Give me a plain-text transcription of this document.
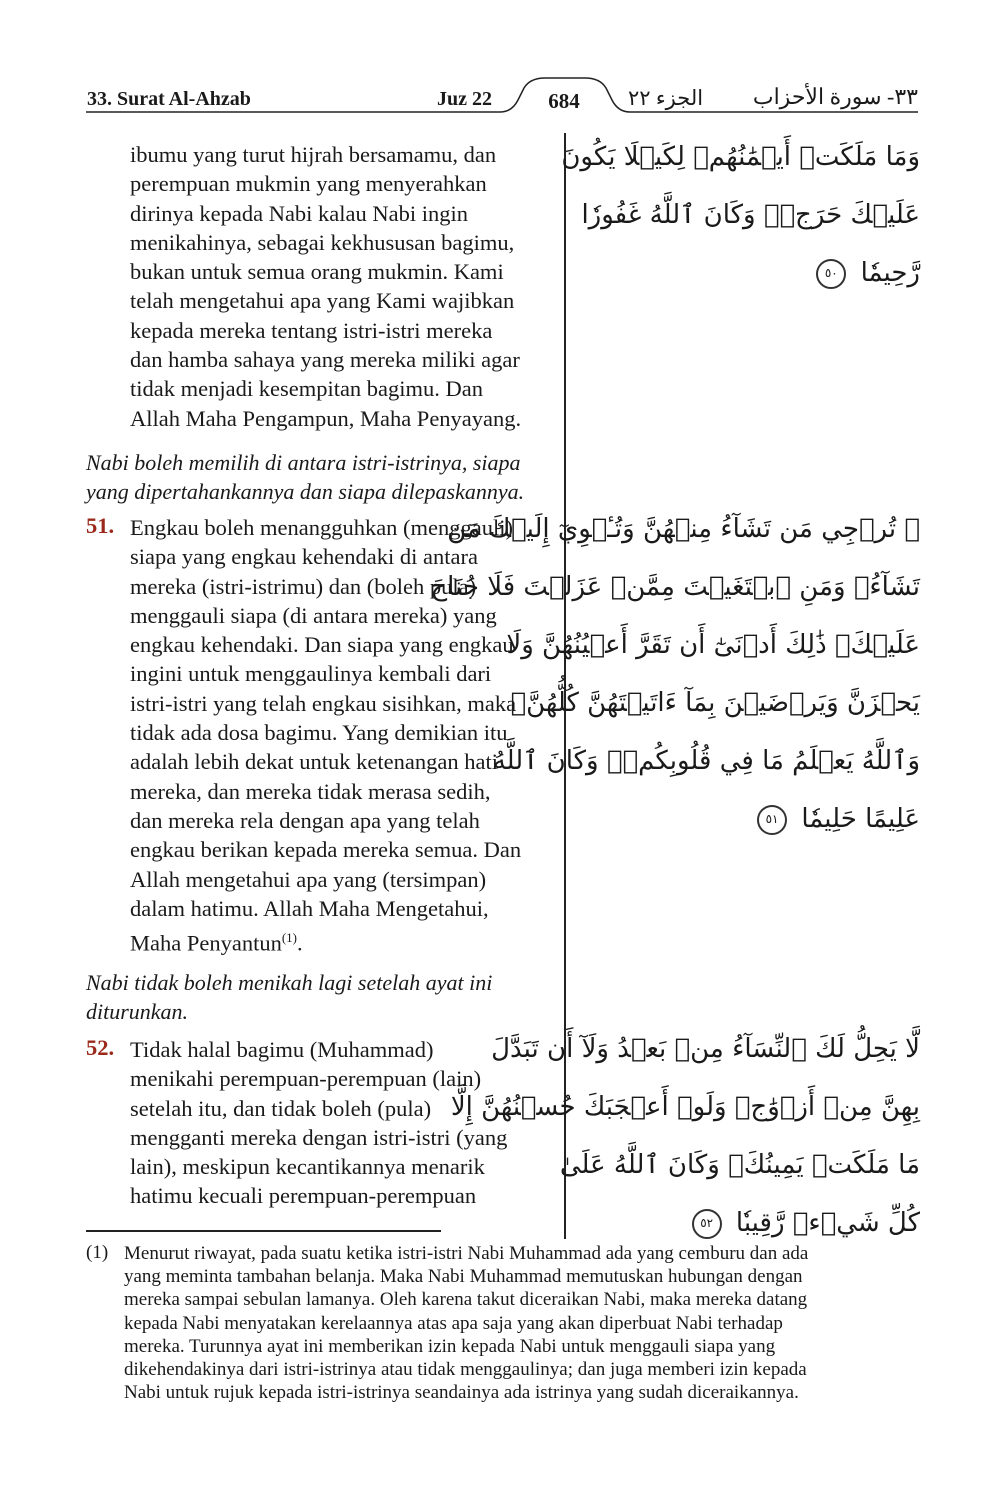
33. Surat Al-Ahzab	Juz 22	684	الجزء ٢٢ ٣٣- سورة الأحزاب
ibumu yang turut hijrah bersamamu, dan
perempuan mukmin yang menyerahkan
dirinya kepada Nabi kalau Nabi ingin
menikahinya, sebagai kekhususan bagimu,
bukan untuk semua orang mukmin. Kami
telah mengetahui apa yang Kami wajibkan
kepada mereka tentang istri-istri mereka
dan hamba sahaya yang mereka miliki agar
tidak menjadi kesempitan bagimu. Dan
Allah Maha Pengampun, Maha Penyayang.
وَمَا مَلَكَتۡ أَيۡمَٰنُهُمۡ لِكَيۡلَا يَكُونَ
عَلَيۡكَ حَرَجٞۗ وَكَانَ ٱللَّهُ غَفُورٗا
رَّحِيمٗا ٥٠
Nabi boleh memilih di antara istri-istrinya, siapa
yang dipertahankannya dan siapa dilepaskannya.
51. Engkau boleh menangguhkan (menggauli)
siapa yang engkau kehendaki di antara
mereka (istri-istrimu) dan (boleh pula)
menggauli siapa (di antara mereka) yang
engkau kehendaki. Dan siapa yang engkau
ingini untuk menggaulinya kembali dari
istri-istri yang telah engkau sisihkan, maka
tidak ada dosa bagimu. Yang demikian itu
adalah lebih dekat untuk ketenangan hati
mereka, dan mereka tidak merasa sedih,
dan mereka rela dengan apa yang telah
engkau berikan kepada mereka semua. Dan
Allah mengetahui apa yang (tersimpan)
dalam hatimu. Allah Maha Mengetahui,
Maha Penyantun$^{(1)}$.
۞ تُرۡجِي مَن تَشَآءُ مِنۡهُنَّ وَتُـٔۡوِيٓ إِلَيۡكَ مَن
تَشَآءُۖ وَمَنِ ٱبۡتَغَيۡتَ مِمَّنۡ عَزَلۡتَ فَلَا جُنَاحَ
عَلَيۡكَۚ ذَٰلِكَ أَدۡنَىٰٓ أَن تَقَرَّ أَعۡيُنُهُنَّ وَلَا
يَحۡزَنَّ وَيَرۡضَيۡنَ بِمَآ ءَاتَيۡتَهُنَّ كُلُّهُنَّۚ
وَٱللَّهُ يَعۡلَمُ مَا فِي قُلُوبِكُمۡۚ وَكَانَ ٱللَّهُ
عَلِيمًا حَلِيمٗا ٥١
Nabi tidak boleh menikah lagi setelah ayat ini
diturunkan.
52. Tidak halal bagimu (Muhammad)
menikahi perempuan-perempuan (lain)
setelah itu, dan tidak boleh (pula)
mengganti mereka dengan istri-istri (yang
lain), meskipun kecantikannya menarik
hatimu kecuali perempuan-perempuan
لَّا يَحِلُّ لَكَ ٱلنِّسَآءُ مِنۢ بَعۡدُ وَلَآ أَن تَبَدَّلَ
بِهِنَّ مِنۡ أَزۡوَٰجٖ وَلَوۡ أَعۡجَبَكَ حُسۡنُهُنَّ إِلَّا
مَا مَلَكَتۡ يَمِينُكَۗ وَكَانَ ٱللَّهُ عَلَىٰ
كُلِّ شَيۡءٖ رَّقِيبٗا ٥٢
(1) Menurut riwayat, pada suatu ketika istri-istri Nabi Muhammad ada yang cemburu dan ada
yang meminta tambahan belanja. Maka Nabi Muhammad memutuskan hubungan dengan
mereka sampai sebulan lamanya. Oleh karena takut diceraikan Nabi, maka mereka datang
kepada Nabi menyatakan kerelaannya atas apa saja yang akan diperbuat Nabi terhadap
mereka. Turunnya ayat ini memberikan izin kepada Nabi untuk menggauli siapa yang
dikehendakinya dari istri-istrinya atau tidak menggaulinya; dan juga memberi izin kepada
Nabi untuk rujuk kepada istri-istrinya seandainya ada istrinya yang sudah diceraikannya.
